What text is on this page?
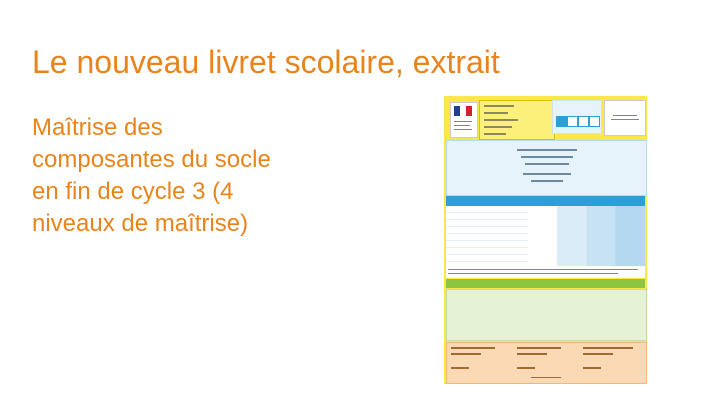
Le nouveau livret scolaire, extrait
Maîtrise des
composantes du socle
en fin de cycle 3 (4
niveaux de maîtrise)
